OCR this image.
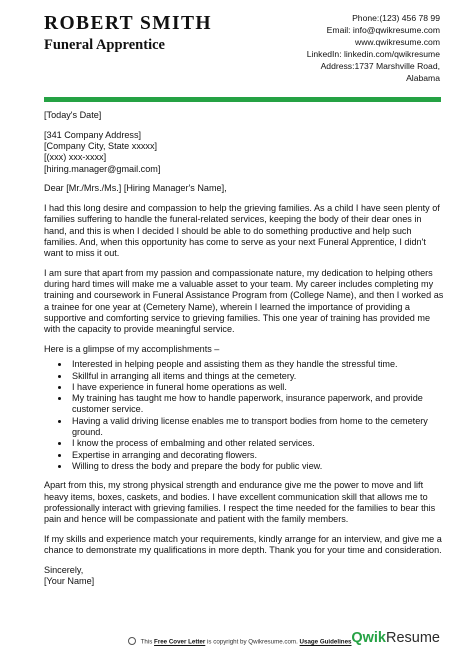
ROBERT SMITH
Funeral Apprentice
Phone:(123) 456 78 99
Email: info@qwikresume.com
www.qwikresume.com
LinkedIn: linkedin.com/qwikresume
Address:1737 Marshville Road,
Alabama

[Today's Date]

[341 Company Address]
[Company City, State xxxxx]
[(xxx) xxx-xxxx]
[hiring.manager@gmail.com]

Dear [Mr./Mrs./Ms.] [Hiring Manager's Name],

I had this long desire and compassion to help the grieving families. As a child I have seen plenty of families suffering to handle the funeral-related services, keeping the body of their dear ones in hand, and this is when I decided I should be able to do something productive and help such families. And, when this opportunity has come to serve as your next Funeral Apprentice, I didn't want to miss it out.

I am sure that apart from my passion and compassionate nature, my dedication to helping others during hard times will make me a valuable asset to your team. My career includes completing my training and coursework in Funeral Assistance Program from (College Name), and then I worked as a trainee for one year at (Cemetery Name), wherein I learned the importance of providing a supportive and comforting service to grieving families. This one year of training has provided me with the capacity to provide meaningful service.

Here is a glimpse of my accomplishments –

• Interested in helping people and assisting them as they handle the stressful time.
• Skillful in arranging all items and things at the cemetery.
• I have experience in funeral home operations as well.
• My training has taught me how to handle paperwork, insurance paperwork, and provide customer service.
• Having a valid driving license enables me to transport bodies from home to the cemetery ground.
• I know the process of embalming and other related services.
• Expertise in arranging and decorating flowers.
• Willing to dress the body and prepare the body for public view.

Apart from this, my strong physical strength and endurance give me the power to move and lift heavy items, boxes, caskets, and bodies. I have excellent communication skill that allows me to professionally interact with grieving families. I respect the time needed for the families to bear this pain and hence will be compassionate and patient with the family members.

If my skills and experience match your requirements, kindly arrange for an interview, and give me a chance to demonstrate my qualifications in more depth. Thank you for your time and consideration.

Sincerely,

[Your Name]

This Free Cover Letter is copyright by Qwikresume.com. Usage Guidelines QwikResume
